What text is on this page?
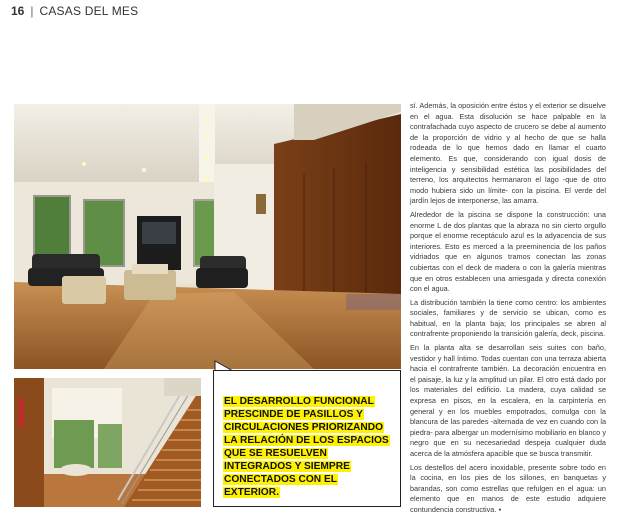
16 | CASAS DEL MES
EL DESARROLLO FUNCIONAL PRESCINDE DE PASILLOS Y CIRCULACIONES PRIORIZANDO LA RELACIÓN DE LOS ESPACIOS QUE SE RESUELVEN INTEGRADOS Y SIEMPRE CONECTADOS CON EL EXTERIOR.

sí. Además, la oposición entre éstos y el exterior se disuelve en el agua. Esta disolución se hace palpable en la contrafachada cuyo aspecto de crucero se debe al aumento de la proporción de vidrio y al hecho de que se halla rodeada de lo que hemos dado en llamar el cuarto elemento. Es que, considerando con igual dosis de inteligencia y sensibilidad estética las posibilidades del terreno, los arquitectos hermanaron el lago -que de otro modo hubiera sido un límite- con la piscina. El verde del jardín lejos de interponerse, las amarra.

Alrededor de la piscina se dispone la construcción: una enorme L de dos plantas que la abraza no sin cierto orgullo porque el enorme receptáculo azul es la adyacencia de sus interiores. Esto es merced a la preeminencia de los paños vidriados que en algunos tramos conectan las zonas cubiertas con el deck de madera o con la galería mientras que en otros establecen una arriesgada y directa conexión con el agua.

La distribución también la tiene como centro: los ambientes sociales, familiares y de servicio se ubican, como es habitual, en la planta baja; los principales se abren al contrafrente proponiendo la transición galería, deck, piscina.

En la planta alta se desarrollan seis suites con baño, vestidor y hall íntimo. Todas cuentan con una terraza abierta hacia el contrafrente también. La decoración encuentra en el paisaje, la luz y la amplitud un pilar. El otro está dado por los materiales del edificio. La madera, cuya calidad se expresa en pisos, en la escalera, en la carpintería en general y en los muebles empotrados, comulga con la blancura de las paredes -alternada de vez en cuando con la piedra- para albergar un modernísimo mobiliario en blanco y negro que en su necesariedad despeja cualquier duda acerca de la atmósfera apacible que se busca transmitir.

Los destellos del acero inoxidable, presente sobre todo en la cocina, en los pies de los sillones, en banquetas y barandas, son como estrellas que refulgen en el agua: un elemento que en manos de este estudio adquiere contundencia constructiva. ▪
